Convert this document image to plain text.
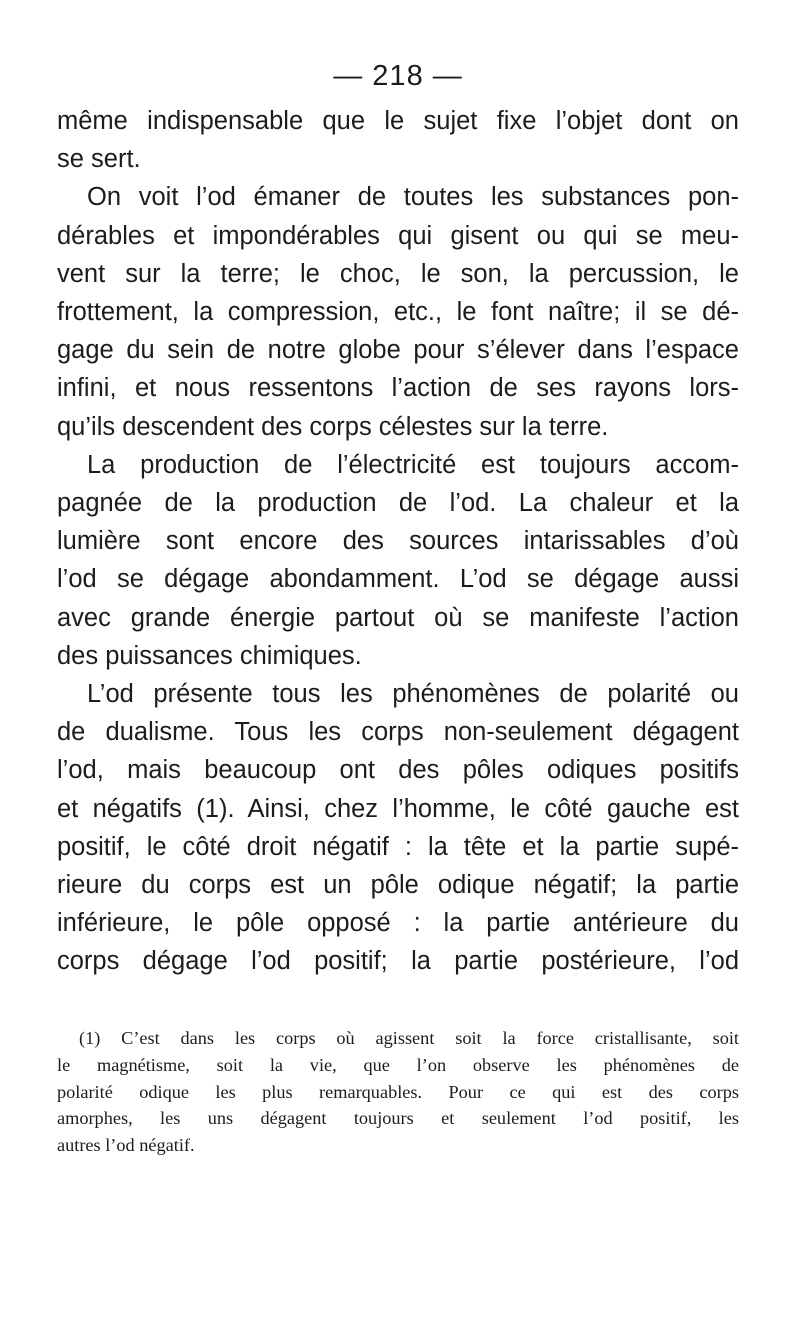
— 218 —
même indispensable que le sujet fixe l’objet dont on
se sert.
On voit l’od émaner de toutes les substances pon-
dérables et impondérables qui gisent ou qui se meu-
vent sur la terre; le choc, le son, la percussion, le
frottement, la compression, etc., le font naître; il se dé-
gage du sein de notre globe pour s’élever dans l’espace
infini, et nous ressentons l’action de ses rayons lors-
qu’ils descendent des corps célestes sur la terre.
La production de l’électricité est toujours accom-
pagnée de la production de l’od. La chaleur et la
lumière sont encore des sources intarissables d’où
l’od se dégage abondamment. L’od se dégage aussi
avec grande énergie partout où se manifeste l’action
des puissances chimiques.
L’od présente tous les phénomènes de polarité ou
de dualisme. Tous les corps non-seulement dégagent
l’od, mais beaucoup ont des pôles odiques positifs
et négatifs (1). Ainsi, chez l’homme, le côté gauche est
positif, le côté droit négatif : la tête et la partie supé-
rieure du corps est un pôle odique négatif; la partie
inférieure, le pôle opposé : la partie antérieure du
corps dégage l’od positif; la partie postérieure, l’od
(1) C’est dans les corps où agissent soit la force cristallisante, soit
le magnétisme, soit la vie, que l’on observe les phénomènes de
polarité odique les plus remarquables. Pour ce qui est des corps
amorphes, les uns dégagent toujours et seulement l’od positif, les
autres l’od négatif.
